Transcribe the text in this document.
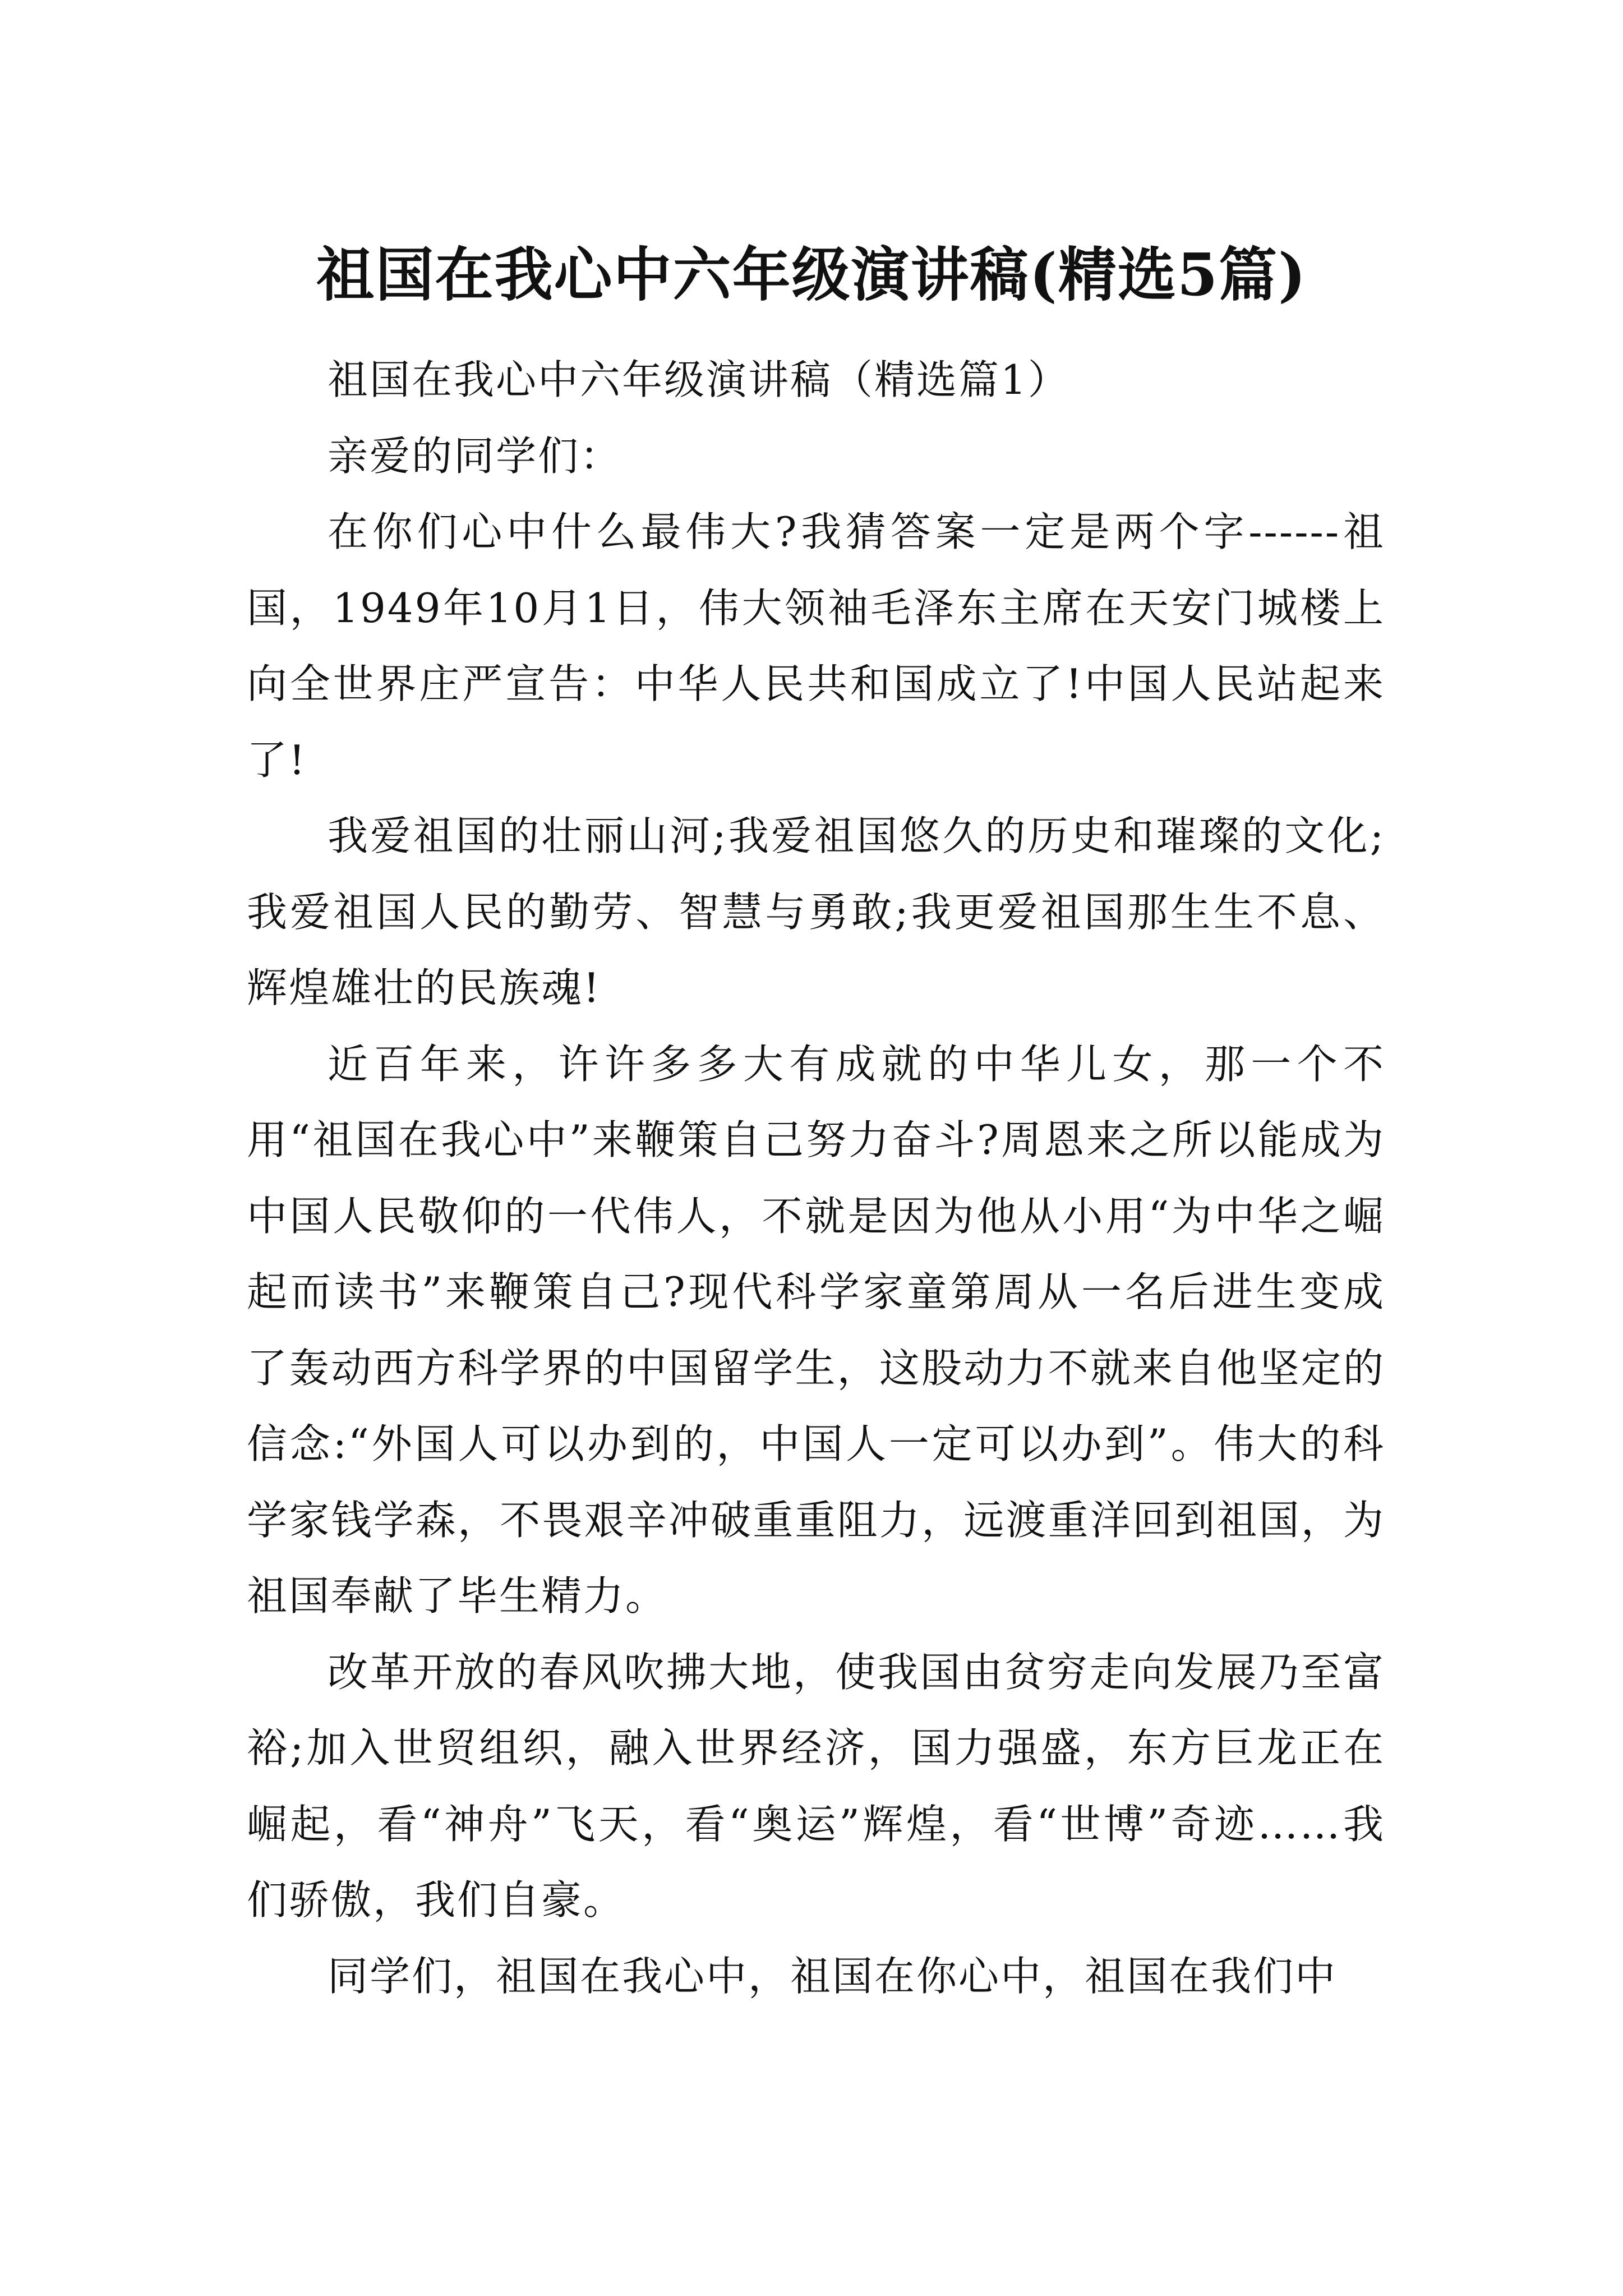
祖国在我心中六年级演讲稿(精选5篇)

祖国在我心中六年级演讲稿（精选篇1）

亲爱的同学们：

在你们心中什么最伟大?我猜答案一定是两个字------祖国，1949年10月1日，伟大领袖毛泽东主席在天安门城楼上向全世界庄严宣告：中华人民共和国成立了!中国人民站起来了!

我爱祖国的壮丽山河;我爱祖国悠久的历史和璀璨的文化;我爱祖国人民的勤劳、智慧与勇敢;我更爱祖国那生生不息、辉煌雄壮的民族魂!

近百年来，许许多多大有成就的中华儿女，那一个不用“祖国在我心中”来鞭策自己努力奋斗?周恩来之所以能成为中国人民敬仰的一代伟人，不就是因为他从小用“为中华之崛起而读书”来鞭策自己?现代科学家童第周从一名后进生变成了轰动西方科学界的中国留学生，这股动力不就来自他坚定的信念:“外国人可以办到的，中国人一定可以办到”。伟大的科学家钱学森，不畏艰辛冲破重重阻力，远渡重洋回到祖国，为祖国奉献了毕生精力。

改革开放的春风吹拂大地，使我国由贫穷走向发展乃至富裕;加入世贸组织，融入世界经济，国力强盛，东方巨龙正在崛起，看“神舟”飞天，看“奥运”辉煌，看“世博”奇迹……我们骄傲，我们自豪。

同学们，祖国在我心中，祖国在你心中，祖国在我们中
